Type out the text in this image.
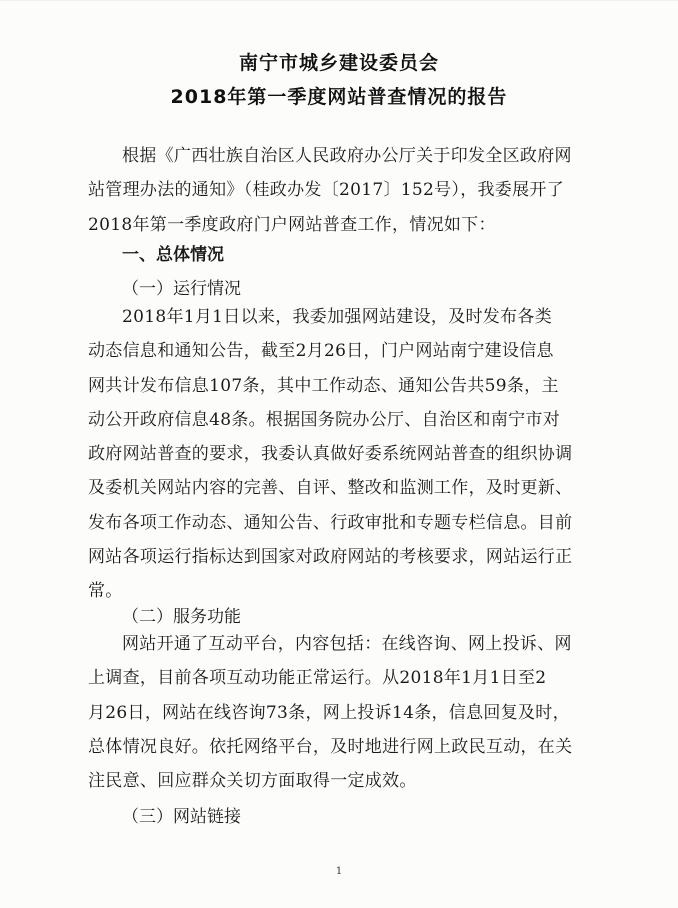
南宁市城乡建设委员会
2018年第一季度网站普查情况的报告

根据《广西壮族自治区人民政府办公厅关于印发全区政府网
站管理办法的通知》（桂政办发〔2017〕152号），我委展开了
2018年第一季度政府门户网站普查工作，情况如下：

一、总体情况
（一）运行情况

2018年1月1日以来，我委加强网站建设，及时发布各类
动态信息和通知公告，截至2月26日，门户网站南宁建设信息
网共计发布信息107条，其中工作动态、通知公告共59条，主
动公开政府信息48条。根据国务院办公厅、自治区和南宁市对
政府网站普查的要求，我委认真做好委系统网站普查的组织协调
及委机关网站内容的完善、自评、整改和监测工作，及时更新、
发布各项工作动态、通知公告、行政审批和专题专栏信息。目前
网站各项运行指标达到国家对政府网站的考核要求，网站运行正
常。

（二）服务功能

网站开通了互动平台，内容包括：在线咨询、网上投诉、网
上调查，目前各项互动功能正常运行。从2018年1月1日至2
月26日，网站在线咨询73条，网上投诉14条，信息回复及时，
总体情况良好。依托网络平台，及时地进行网上政民互动，在关
注民意、回应群众关切方面取得一定成效。

（三）网站链接
1
